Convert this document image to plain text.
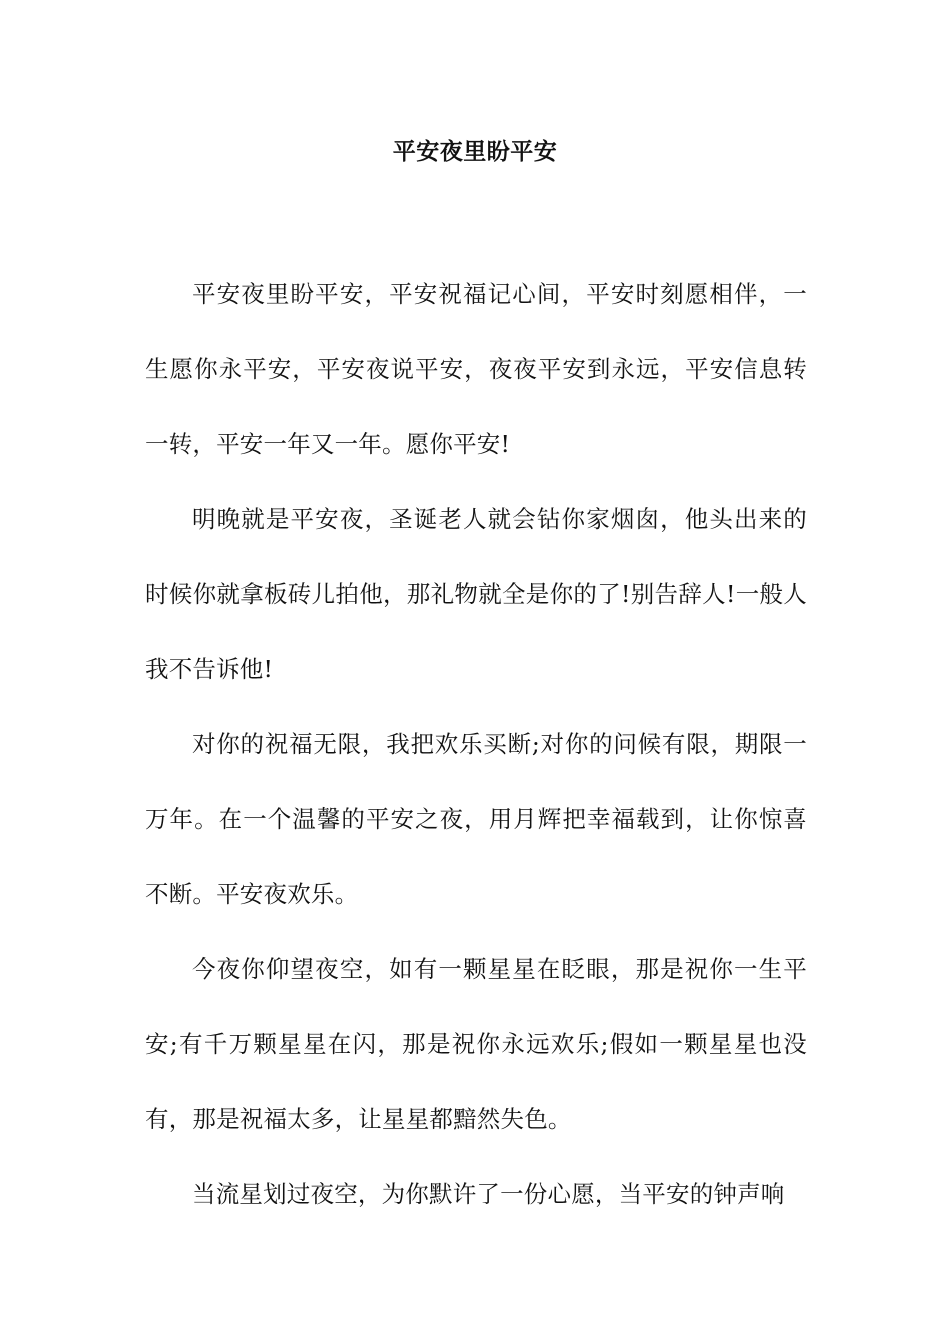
平安夜里盼平安

平安夜里盼平安，平安祝福记心间，平安时刻愿相伴，一生愿你永平安，平安夜说平安，夜夜平安到永远，平安信息转一转，平安一年又一年。愿你平安!

明晚就是平安夜，圣诞老人就会钻你家烟囱，他头出来的时候你就拿板砖儿拍他，那礼物就全是你的了!别告辞人!一般人我不告诉他!

对你的祝福无限，我把欢乐买断;对你的问候有限，期限一万年。在一个温馨的平安之夜，用月辉把幸福载到，让你惊喜不断。平安夜欢乐。

今夜你仰望夜空，如有一颗星星在眨眼，那是祝你一生平安;有千万颗星星在闪，那是祝你永远欢乐;假如一颗星星也没有，那是祝福太多，让星星都黯然失色。

当流星划过夜空，为你默许了一份心愿，当平安的钟声响
